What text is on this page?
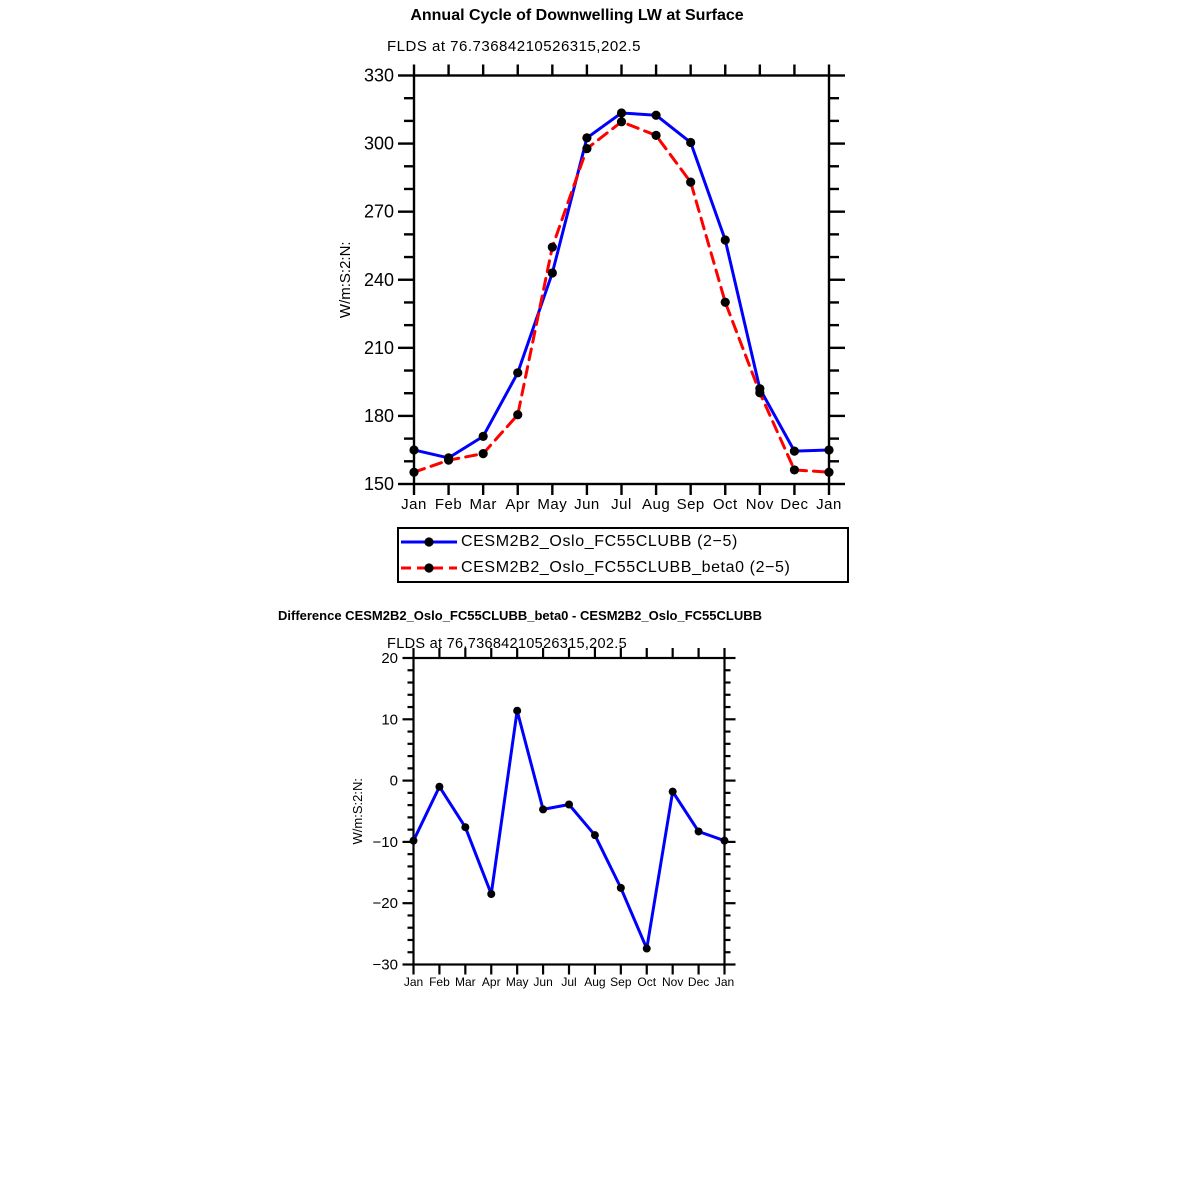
Annual Cycle of Downwelling LW at Surface
FLDS at 76.73684210526315,202.5
Jan Feb Mar Apr May Jun Jul Aug Sep Oct Nov Dec Jan
150
180
210
240
270
300
330
W/m:S:2:N:
Jan Feb Mar Apr May Jun Jul Aug Sep Oct Nov Dec Jan
−30
−20
−10
0
10
20
W/m:S:2:N:
CESM2B2_Oslo_FC55CLUBB (2−5)
CESM2B2_Oslo_FC55CLUBB_beta0 (2−5)
Difference CESM2B2_Oslo_FC55CLUBB_beta0 - CESM2B2_Oslo_FC55CLUBB
FLDS at 76.73684210526315,202.5
